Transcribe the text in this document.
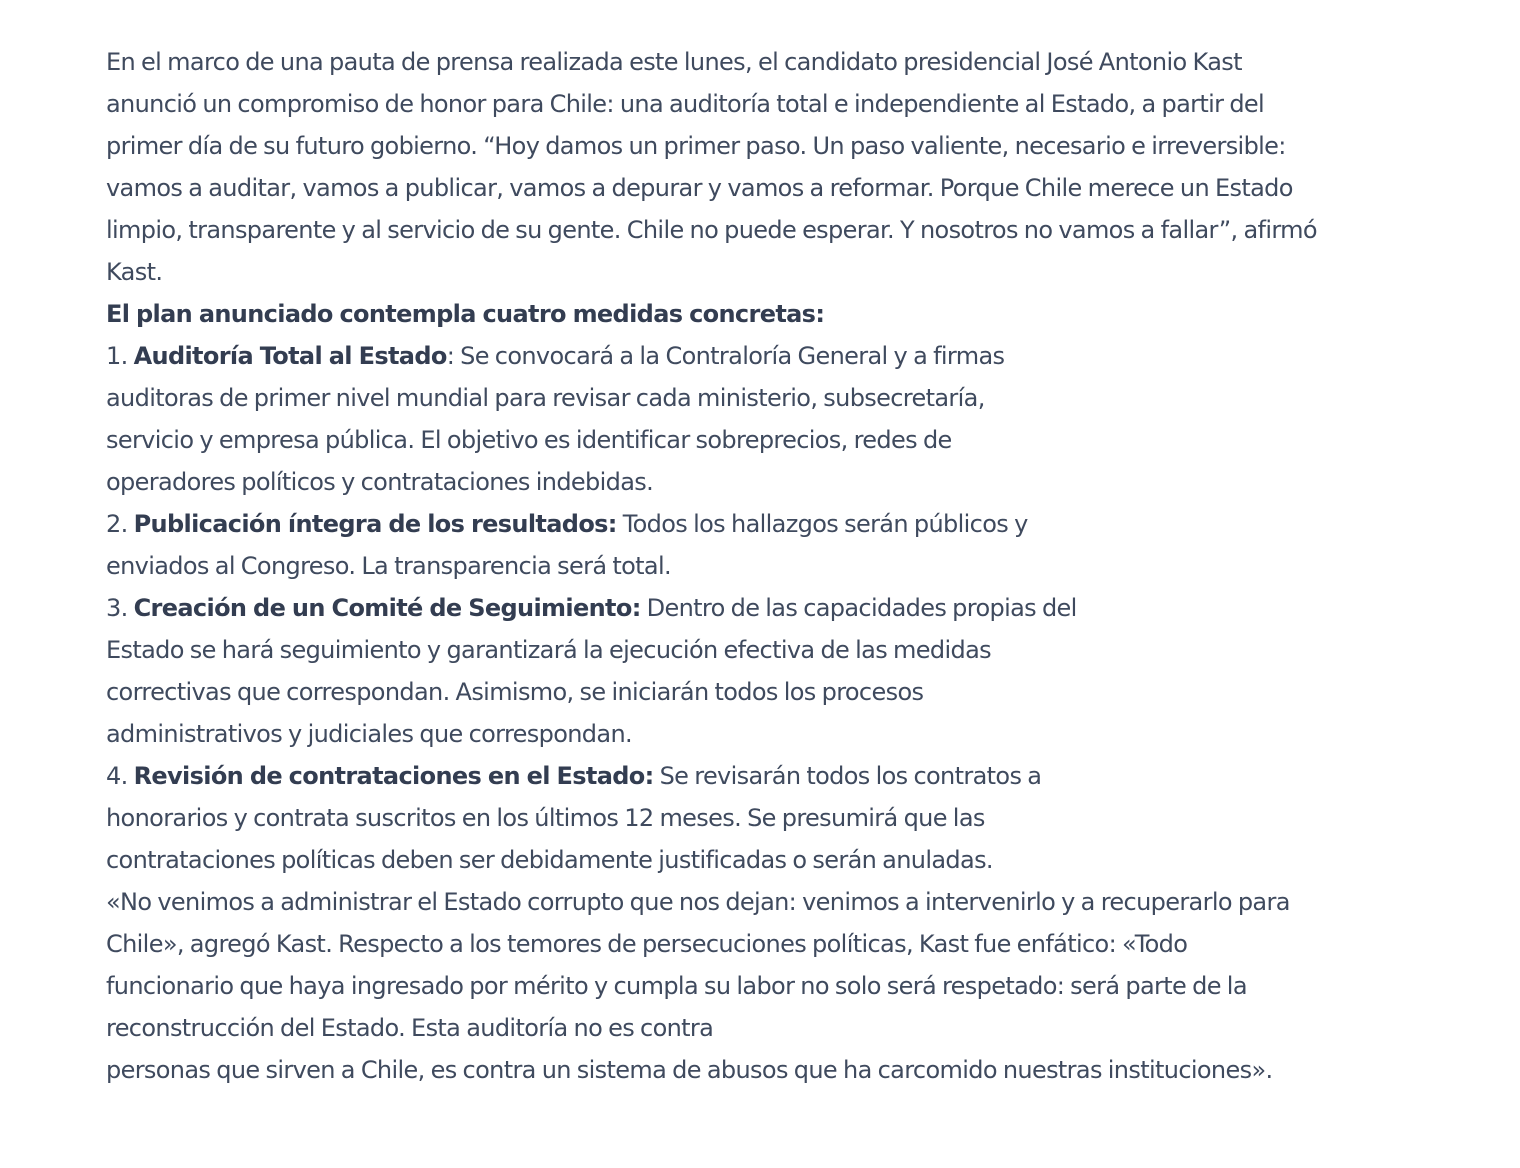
En el marco de una pauta de prensa realizada este lunes, el candidato presidencial José Antonio Kast
anunció un compromiso de honor para Chile: una auditoría total e independiente al Estado, a partir del
primer día de su futuro gobierno. “Hoy damos un primer paso. Un paso valiente, necesario e irreversible:
vamos a auditar, vamos a publicar, vamos a depurar y vamos a reformar. Porque Chile merece un Estado
limpio, transparente y al servicio de su gente. Chile no puede esperar. Y nosotros no vamos a fallar”, afirmó
Kast.

El plan anunciado contempla cuatro medidas concretas:

1. Auditoría Total al Estado: Se convocará a la Contraloría General y a firmas
auditoras de primer nivel mundial para revisar cada ministerio, subsecretaría,
servicio y empresa pública. El objetivo es identificar sobreprecios, redes de
operadores políticos y contrataciones indebidas.

2. Publicación íntegra de los resultados: Todos los hallazgos serán públicos y
enviados al Congreso. La transparencia será total.

3. Creación de un Comité de Seguimiento: Dentro de las capacidades propias del
Estado se hará seguimiento y garantizará la ejecución efectiva de las medidas
correctivas que correspondan. Asimismo, se iniciarán todos los procesos
administrativos y judiciales que correspondan.

4. Revisión de contrataciones en el Estado: Se revisarán todos los contratos a
honorarios y contrata suscritos en los últimos 12 meses. Se presumirá que las
contrataciones políticas deben ser debidamente justificadas o serán anuladas.

«No venimos a administrar el Estado corrupto que nos dejan: venimos a intervenirlo y a recuperarlo para
Chile», agregó Kast. Respecto a los temores de persecuciones políticas, Kast fue enfático: «Todo
funcionario que haya ingresado por mérito y cumpla su labor no solo será respetado: será parte de la
reconstrucción del Estado. Esta auditoría no es contra
personas que sirven a Chile, es contra un sistema de abusos que ha carcomido nuestras instituciones».
